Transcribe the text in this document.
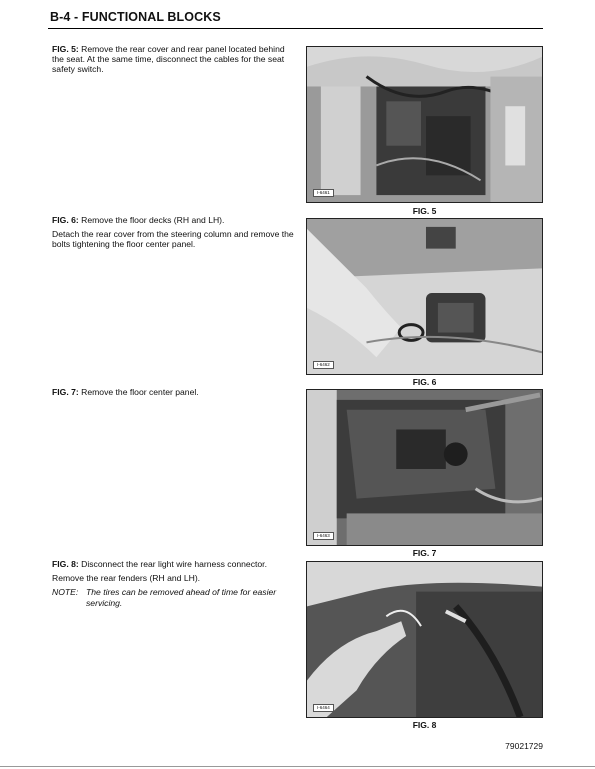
B-4 - FUNCTIONAL BLOCKS

FIG. 5: Remove the rear cover and rear panel located behind the seat. At the same time, disconnect the cables for the seat safety switch.

I-6461
FIG. 5

FIG. 6: Remove the floor decks (RH and LH).

Detach the rear cover from the steering column and remove the bolts tightening the floor center panel.

I-6462
FIG. 6

FIG. 7: Remove the floor center panel.

I-6463
FIG. 7

FIG. 8: Disconnect the rear light wire harness connector.

Remove the rear fenders (RH and LH).

NOTE: The tires can be removed ahead of time for easier servicing.
I-6464
FIG. 8
79021729
